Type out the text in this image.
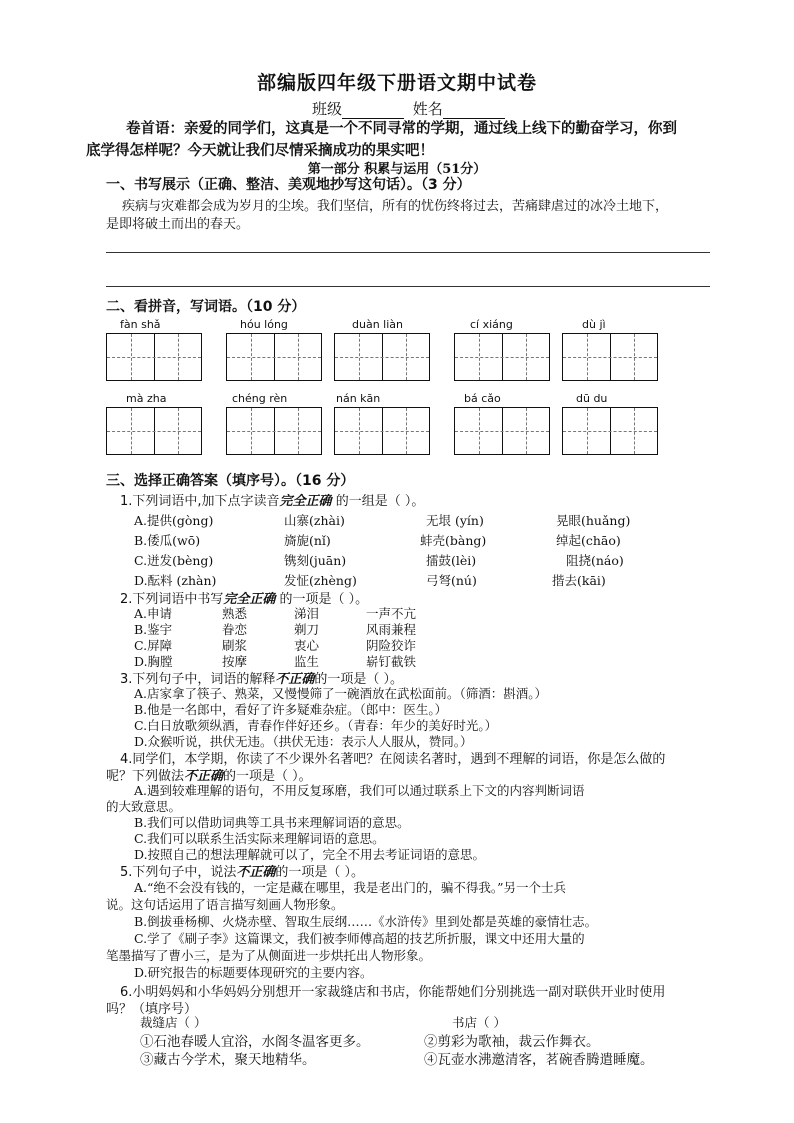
部编版四年级下册语文期中试卷
班级	姓名

卷首语：亲爱的同学们，这真是一个不同寻常的学期，通过线上线下的勤奋学习，你到

底学得怎样呢？今天就让我们尽情采摘成功的果实吧！

第一部分 积累与运用（51分）
一、书写展示（正确、整洁、美观地抄写这句话）。（3 分）
疾病与灾难都会成为岁月的尘埃。我们坚信，所有的忧伤终将过去，苦痛肆虐过的冰冷土地下，
是即将破土而出的春天。
二、看拼音，写词语。（10 分）
fàn shǎ	hóu lóng	duàn liàn	cí xiáng	dù jì
mà zha	chéng rèn	nán kān	bá cǎo	dū du
三、选择正确答案（填序号）。（16 分）
1.下列词语中,加下点字读音完全正确 的一组是（ ）。
A.提供(gòng)	山寨(zhài)	无垠 (yín)	晃眼(huǎng)
B.倭瓜(wō)	旖旎(nǐ)	蚌壳(bàng)	绰起(chāo)
C.迸发(bèng)	镌刻(juān)	擂鼓(lèi)	阻挠(náo)
D.酝料 (zhàn)	发怔(zhèng)	弓弩(nú)	揩去(kāi)
2.下列词语中书写完全正确 的一项是（ ）。
A.申请	熟悉	涕泪	一声不亢
B.鉴宇	眷恋	剃刀	风雨兼程
C.屏障	刷浆	衷心	阴险狡诈
D.胸膛	按摩	监生	崭钉截铁
3.下列句子中，词语的解释不正确的一项是（ ）。
A.店家拿了筷子、熟菜，又慢慢筛了一碗酒放在武松面前。（筛酒：斟酒。）
B.他是一名郎中，看好了许多疑难杂症。（郎中：医生。）
C.白日放歌须纵酒，青春作伴好还乡。（青春：年少的美好时光。）
D.众猴听说，拱伏无违。（拱伏无违：表示人人服从，赞同。）
4.同学们，本学期，你读了不少课外名著吧？在阅读名著时，遇到不理解的词语，你是怎么做的
呢？下列做法不正确的一项是（ ）。
A.遇到较难理解的语句，不用反复琢磨，我们可以通过联系上下文的内容判断词语
的大致意思。
B.我们可以借助词典等工具书来理解词语的意思。
C.我们可以联系生活实际来理解词语的意思。
D.按照自己的想法理解就可以了，完全不用去考证词语的意思。
5.下列句子中，说法不正确的一项是（ ）。
A.“绝不会没有钱的，一定是藏在哪里，我是老出门的，骗不得我。”另一个士兵
说。这句话运用了语言描写刻画人物形象。
B.倒拔垂杨柳、火烧赤壁、智取生辰纲……《水浒传》里到处都是英雄的豪情壮志。
C.学了《刷子李》这篇课文，我们被李师傅高超的技艺所折服，课文中还用大量的
笔墨描写了曹小三，是为了从侧面进一步烘托出人物形象。
D.研究报告的标题要体现研究的主要内容。
6.小明妈妈和小华妈妈分别想开一家裁缝店和书店，你能帮她们分别挑选一副对联供开业时使用
吗？（填序号）
裁缝店（ ）	书店（ ）
①石池春暖人宜浴，水阁冬温客更多。	②剪彩为歌袖，裁云作舞衣。
③藏古今学术，聚天地精华。	④瓦壶水沸邀清客，茗碗香腾遣睡魔。
